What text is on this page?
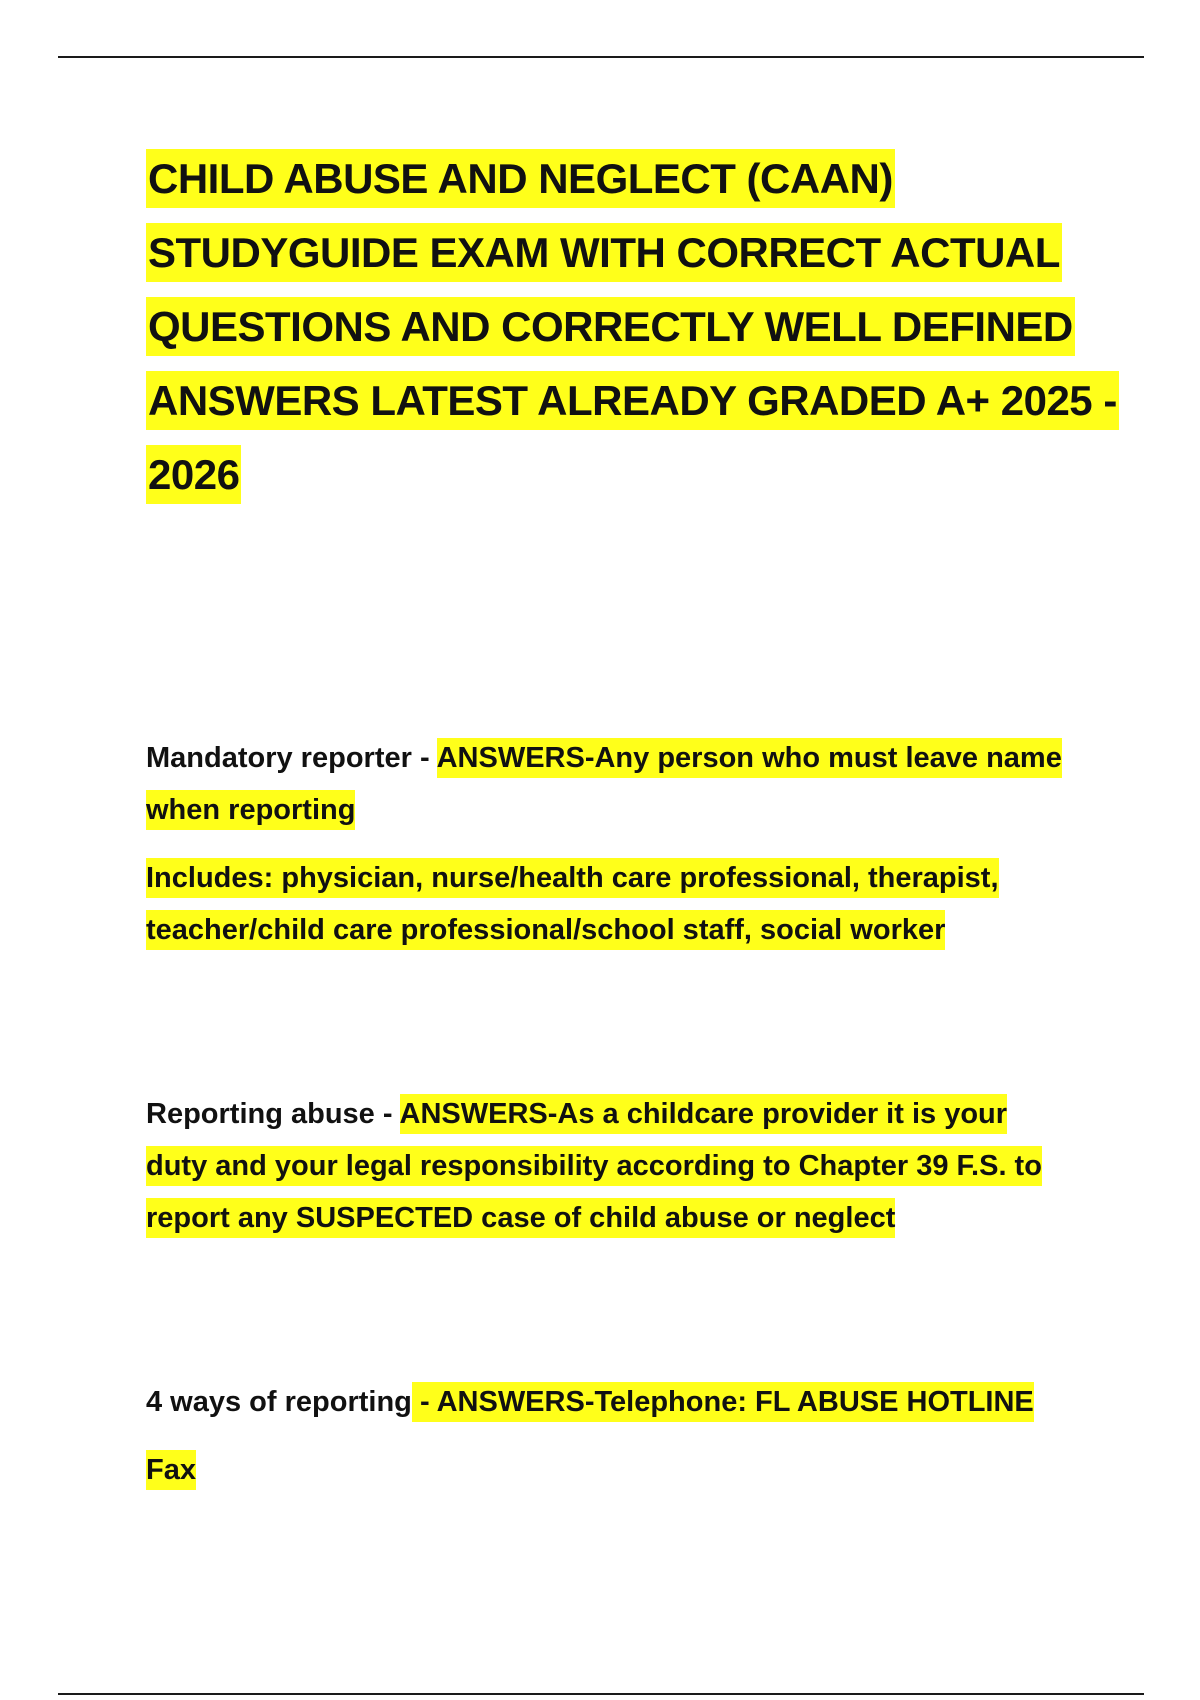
CHILD ABUSE AND NEGLECT (CAAN) STUDYGUIDE EXAM WITH CORRECT ACTUAL QUESTIONS AND CORRECTLY WELL DEFINED ANSWERS LATEST ALREADY GRADED A+ 2025 - 2026
Mandatory reporter - ANSWERS-Any person who must leave name when reporting
Includes: physician, nurse/health care professional, therapist, teacher/child care professional/school staff, social worker
Reporting abuse - ANSWERS-As a childcare provider it is your duty and your legal responsibility according to Chapter 39 F.S. to report any SUSPECTED case of child abuse or neglect
4 ways of reporting - ANSWERS-Telephone: FL ABUSE HOTLINE
Fax
